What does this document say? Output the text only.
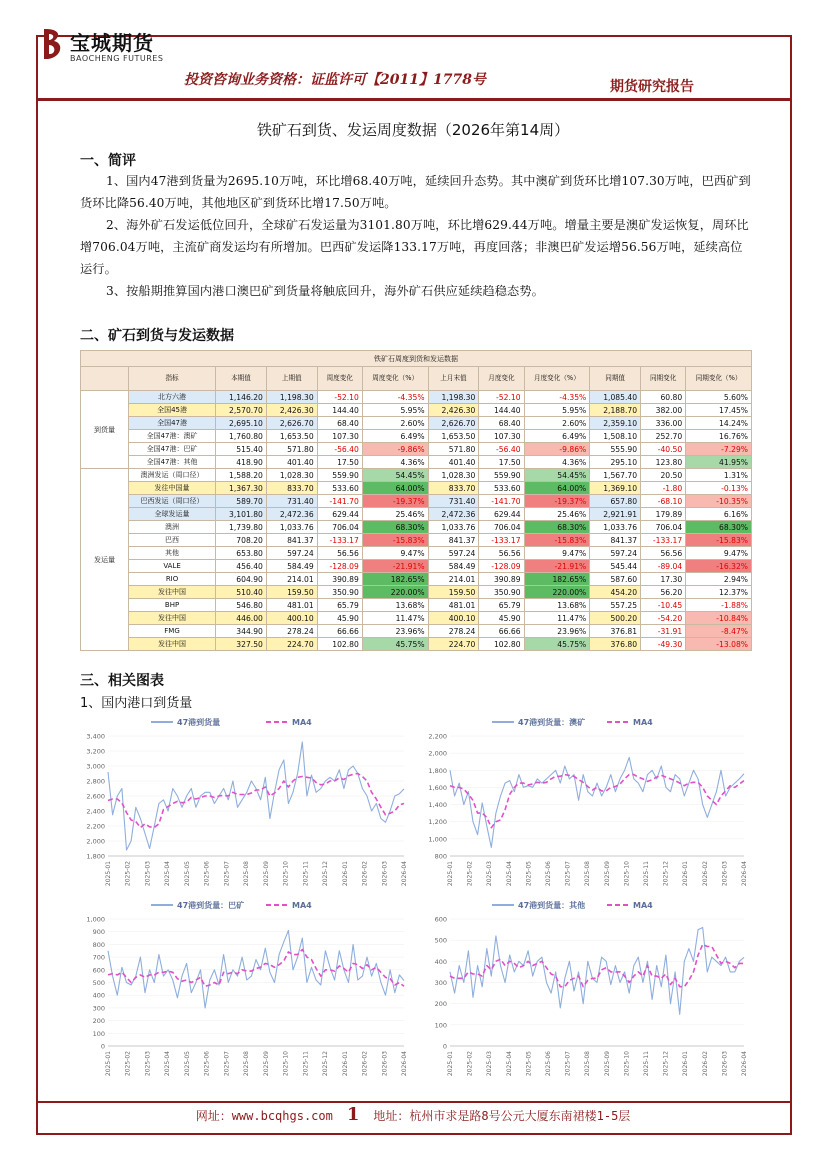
宝城期货
BAOCHENG FUTURES
投资咨询业务资格：证监许可【2011】1778号	期货研究报告
铁矿石到货、发运周度数据（2026年第14周）
一、简评
1、国内47港到货量为2695.10万吨，环比增68.40万吨，延续回升态势。其中澳矿到货环比增107.30万吨，巴西矿到货环比降56.40万吨，其他地区矿到货环比增17.50万吨。
2、海外矿石发运低位回升，全球矿石发运量为3101.80万吨，环比增629.44万吨。增量主要是澳矿发运恢复，周环比增706.04万吨，主流矿商发运均有所增加。巴西矿发运降133.17万吨，再度回落；非澳巴矿发运增56.56万吨，延续高位运行。
3、按船期推算国内港口澳巴矿到货量将触底回升，海外矿石供应延续趋稳态势。
二、矿石到货与发运数据
铁矿石周度到货和发运数据											
	指标	本期值	上期值	周度变化	周度变化（%）	上月末值	月度变化	月度变化（%）	同期值	同期变化	同期变化（%）
到货量	北方六港	1,146.20	1,198.30	-52.10	-4.35%	1,198.30	-52.10	-4.35%	1,085.40	60.80	5.60%
	全国45港	2,570.70	2,426.30	144.40	5.95%	2,426.30	144.40	5.95%	2,188.70	382.00	17.45%
	全国47港	2,695.10	2,626.70	68.40	2.60%	2,626.70	68.40	2.60%	2,359.10	336.00	14.24%
	全国47港：澳矿	1,760.80	1,653.50	107.30	6.49%	1,653.50	107.30	6.49%	1,508.10	252.70	16.76%
	全国47港：巴矿	515.40	571.80	-56.40	-9.86%	571.80	-56.40	-9.86%	555.90	-40.50	-7.29%
	全国47港：其他	418.90	401.40	17.50	4.36%	401.40	17.50	4.36%	295.10	123.80	41.95%
发运量	澳洲发运（周口径）	1,588.20	1,028.30	559.90	54.45%	1,028.30	559.90	54.45%	1,567.70	20.50	1.31%
	发往中国量	1,367.30	833.70	533.60	64.00%	833.70	533.60	64.00%	1,369.10	-1.80	-0.13%
	巴西发运（周口径）	589.70	731.40	-141.70	-19.37%	731.40	-141.70	-19.37%	657.80	-68.10	-10.35%
	全球发运量	3,101.80	2,472.36	629.44	25.46%	2,472.36	629.44	25.46%	2,921.91	179.89	6.16%
	澳洲	1,739.80	1,033.76	706.04	68.30%	1,033.76	706.04	68.30%	1,033.76	706.04	68.30%
	巴西	708.20	841.37	-133.17	-15.83%	841.37	-133.17	-15.83%	841.37	-133.17	-15.83%
	其他	653.80	597.24	56.56	9.47%	597.24	56.56	9.47%	597.24	56.56	9.47%
	VALE	456.40	584.49	-128.09	-21.91%	584.49	-128.09	-21.91%	545.44	-89.04	-16.32%
	RIO	604.90	214.01	390.89	182.65%	214.01	390.89	182.65%	587.60	17.30	2.94%
	发往中国	510.40	159.50	350.90	220.00%	159.50	350.90	220.00%	454.20	56.20	12.37%
	BHP	546.80	481.01	65.79	13.68%	481.01	65.79	13.68%	557.25	-10.45	-1.88%
	发往中国	446.00	400.10	45.90	11.47%	400.10	45.90	11.47%	500.20	-54.20	-10.84%
	FMG	344.90	278.24	66.66	23.96%	278.24	66.66	23.96%	376.81	-31.91	-8.47%
	发往中国	327.50	224.70	102.80	45.75%	224.70	102.80	45.75%	376.80	-49.30	-13.08%
三、相关图表
1、国内港口到货量
47港到货量	MA4
1,800
2,000
2,200
2,400
2,600
2,800
3,000
3,200
3,400
2025-01 2025-02 2025-03 2025-04 2025-05 2025-06 2025-07 2025-08 2025-09 2025-10 2025-11 2025-12 2026-01 2026-02 2026-03 2026-04
47港到货量：澳矿	MA4
800
1,000
1,200
1,400
1,600
1,800
2,000
2,200
2025-01 2025-02 2025-03 2025-04 2025-05 2025-06 2025-07 2025-08 2025-09 2025-10 2025-11 2025-12 2026-01 2026-02 2026-03 2026-04
47港到货量：巴矿	MA4
0
100
200
300
400
500
600
700
800
900
1,000
2025-01 2025-02 2025-03 2025-04 2025-05 2025-06 2025-07 2025-08 2025-09 2025-10 2025-11 2025-12 2026-01 2026-02 2026-03 2026-04
47港到货量：其他	MA4
0
100
200
300
400
500
600
2025-01 2025-02 2025-03 2025-04 2025-05 2025-06 2025-07 2025-08 2025-09 2025-10 2025-11 2025-12 2026-01 2026-02 2026-03 2026-04
网址：www.bcqhgs.com 1 地址：杭州市求是路8号公元大厦东南裙楼1-5层
